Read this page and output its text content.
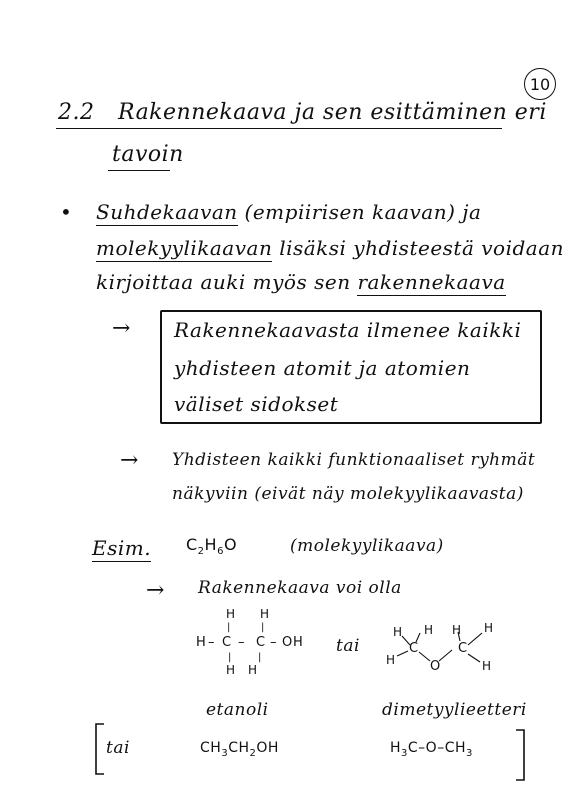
10
2.2 Rakennekaava ja sen esittäminen eri
tavoin
• Suhdekaavan (empiirisen kaavan) ja
molekyylikaavan lisäksi yhdisteestä voidaan
kirjoittaa auki myös sen rakennekaava
→ Rakennekaavasta ilmenee kaikki
yhdisteen atomit ja atomien
väliset sidokset
→ Yhdisteen kaikki funktionaaliset ryhmät
näkyviin (eivät näy molekyylikaavasta)
Esim. $C_2H_6O$	(molekyylikaava)
→ Rakennekaava voi olla
H H
|	|
H – C – C – O H
|	|
H H
H H
C
H	O
H
C
H
H
tai
etanoli	dimetyylieetteri
tai	$CH_3CH_2OH$	$H_3C-O-CH_3$
